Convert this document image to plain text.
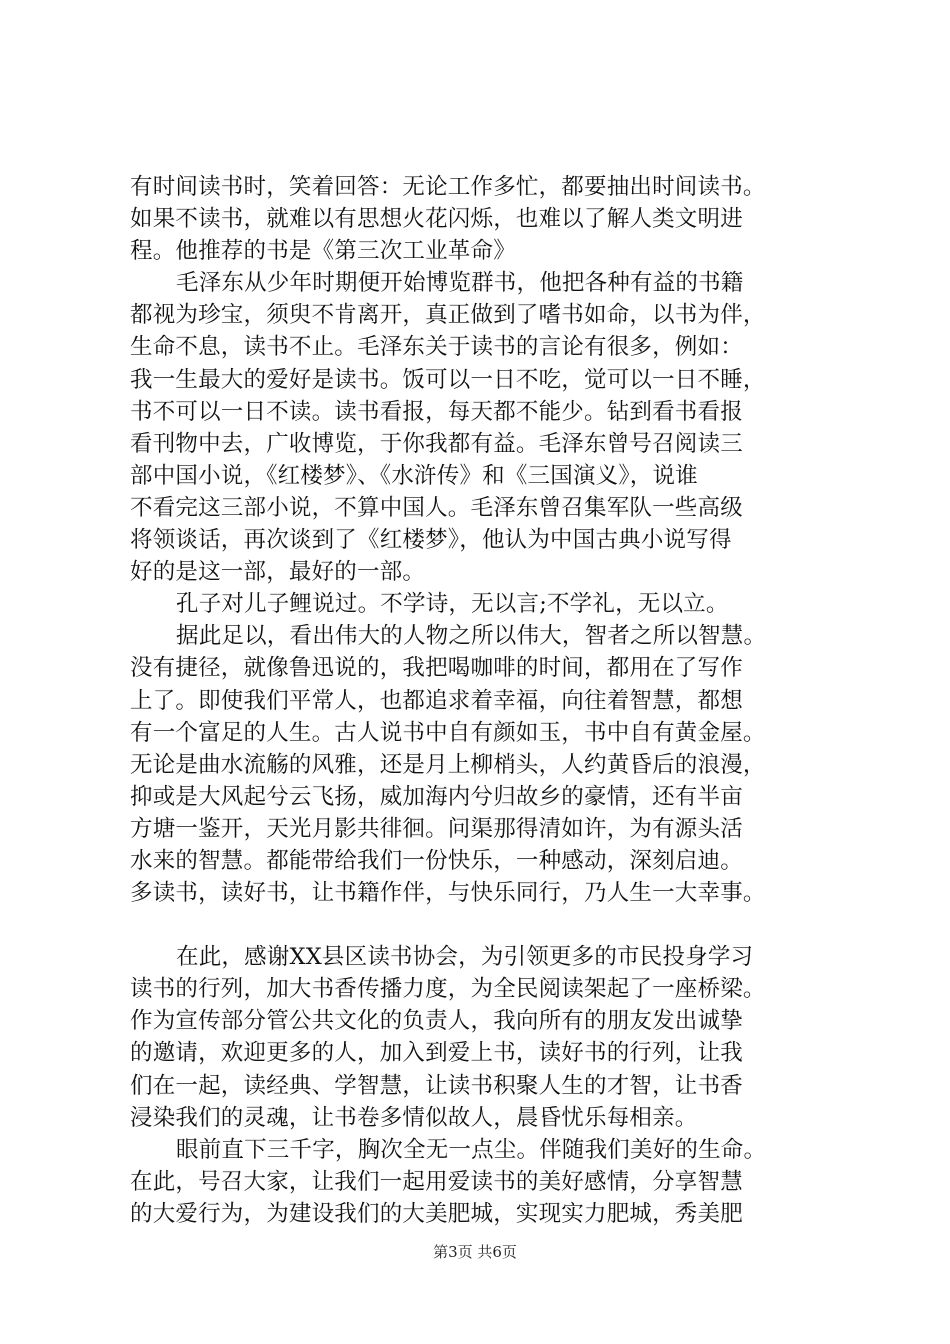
有时间读书时，笑着回答：无论工作多忙，都要抽出时间读书。
如果不读书，就难以有思想火花闪烁，也难以了解人类文明进
程。他推荐的书是《第三次工业革命》
毛泽东从少年时期便开始博览群书，他把各种有益的书籍
都视为珍宝，须臾不肯离开，真正做到了嗜书如命，以书为伴，
生命不息，读书不止。毛泽东关于读书的言论有很多，例如：
我一生最大的爱好是读书。饭可以一日不吃，觉可以一日不睡，
书不可以一日不读。读书看报，每天都不能少。钻到看书看报
看刊物中去，广收博览，于你我都有益。毛泽东曾号召阅读三
部中国小说，《红楼梦》、《水浒传》和《三国演义》，说谁
不看完这三部小说，不算中国人。毛泽东曾召集军队一些高级
将领谈话，再次谈到了《红楼梦》，他认为中国古典小说写得
好的是这一部，最好的一部。
孔子对儿子鲤说过。不学诗，无以言;不学礼，无以立。
据此足以，看出伟大的人物之所以伟大，智者之所以智慧。
没有捷径，就像鲁迅说的，我把喝咖啡的时间，都用在了写作
上了。即使我们平常人，也都追求着幸福，向往着智慧，都想
有一个富足的人生。古人说书中自有颜如玉，书中自有黄金屋。
无论是曲水流觞的风雅，还是月上柳梢头，人约黄昏后的浪漫，
抑或是大风起兮云飞扬，威加海内兮归故乡的豪情，还有半亩
方塘一鉴开，天光月影共徘徊。问渠那得清如许，为有源头活
水来的智慧。都能带给我们一份快乐，一种感动，深刻启迪。
多读书，读好书，让书籍作伴，与快乐同行，乃人生一大幸事。
在此，感谢XX县区读书协会，为引领更多的市民投身学习
读书的行列，加大书香传播力度，为全民阅读架起了一座桥梁。
作为宣传部分管公共文化的负责人，我向所有的朋友发出诚挚
的邀请，欢迎更多的人，加入到爱上书，读好书的行列，让我
们在一起，读经典、学智慧，让读书积聚人生的才智，让书香
浸染我们的灵魂，让书卷多情似故人，晨昏忧乐每相亲。
眼前直下三千字，胸次全无一点尘。伴随我们美好的生命。
在此，号召大家，让我们一起用爱读书的美好感情，分享智慧
的大爱行为，为建设我们的大美肥城，实现实力肥城，秀美肥
第3页 共6页
